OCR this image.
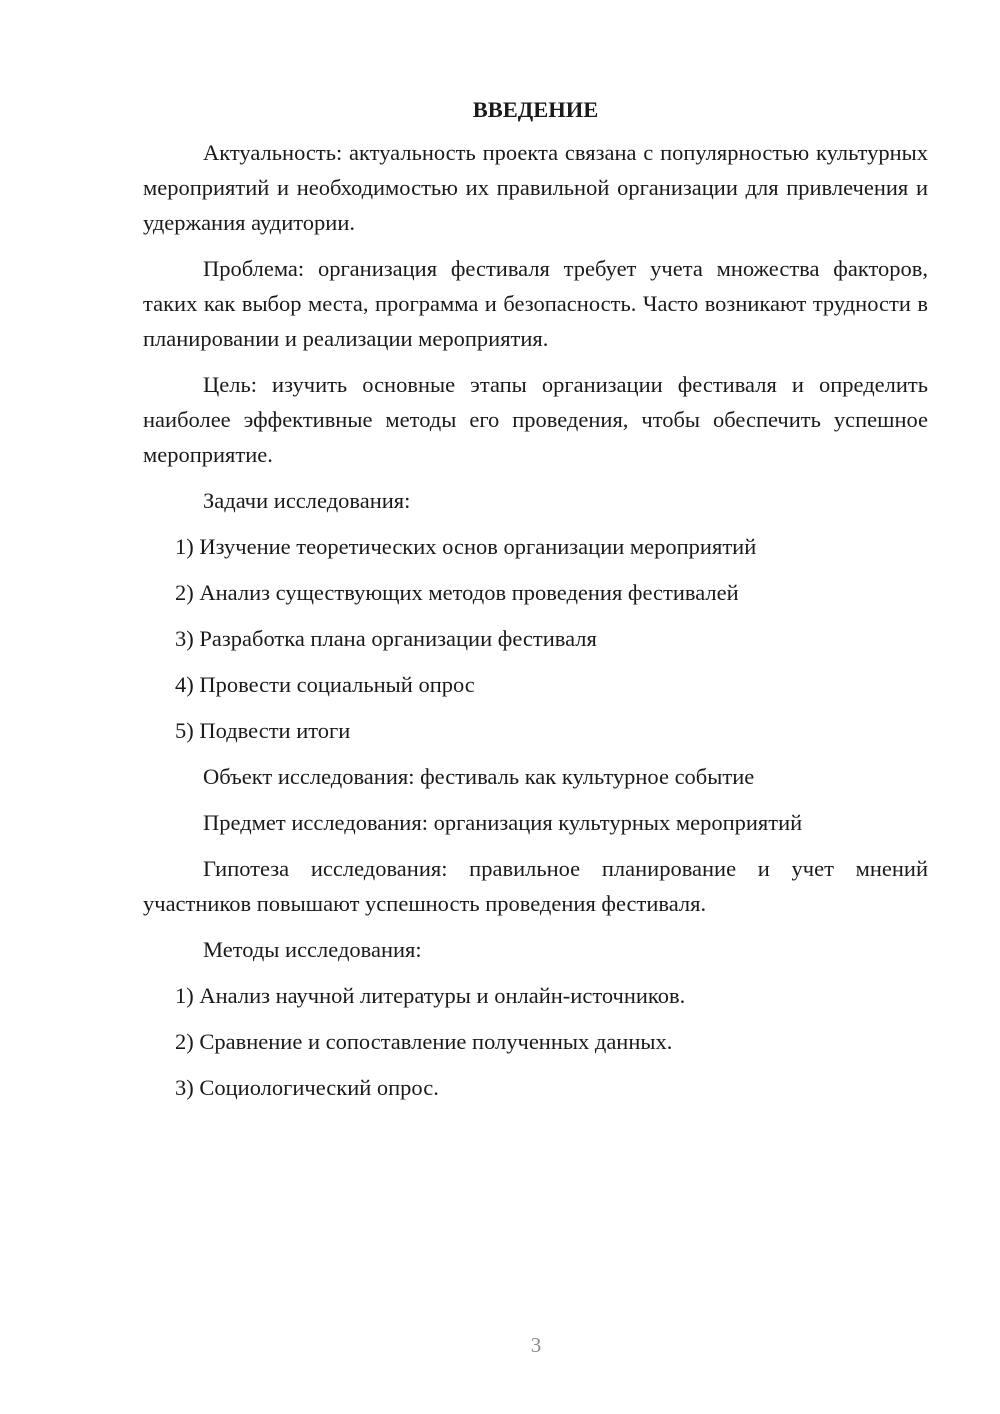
ВВЕДЕНИЕ

Актуальность: актуальность проекта связана с популярностью культурных мероприятий и необходимостью их правильной организации для привлечения и удержания аудитории.

Проблема: организация фестиваля требует учета множества факторов, таких как выбор места, программа и безопасность. Часто возникают трудности в планировании и реализации мероприятия.

Цель: изучить основные этапы организации фестиваля и определить наиболее эффективные методы его проведения, чтобы обеспечить успешное мероприятие.

Задачи исследования:

1) Изучение теоретических основ организации мероприятий

2) Анализ существующих методов проведения фестивалей

3) Разработка плана организации фестиваля

4) Провести социальный опрос

5) Подвести итоги

Объект исследования: фестиваль как культурное событие

Предмет исследования: организация культурных мероприятий

Гипотеза исследования: правильное планирование и учет мнений участников повышают успешность проведения фестиваля.

Методы исследования:

1) Анализ научной литературы и онлайн-источников.

2) Сравнение и сопоставление полученных данных.

3) Социологический опрос.

3
